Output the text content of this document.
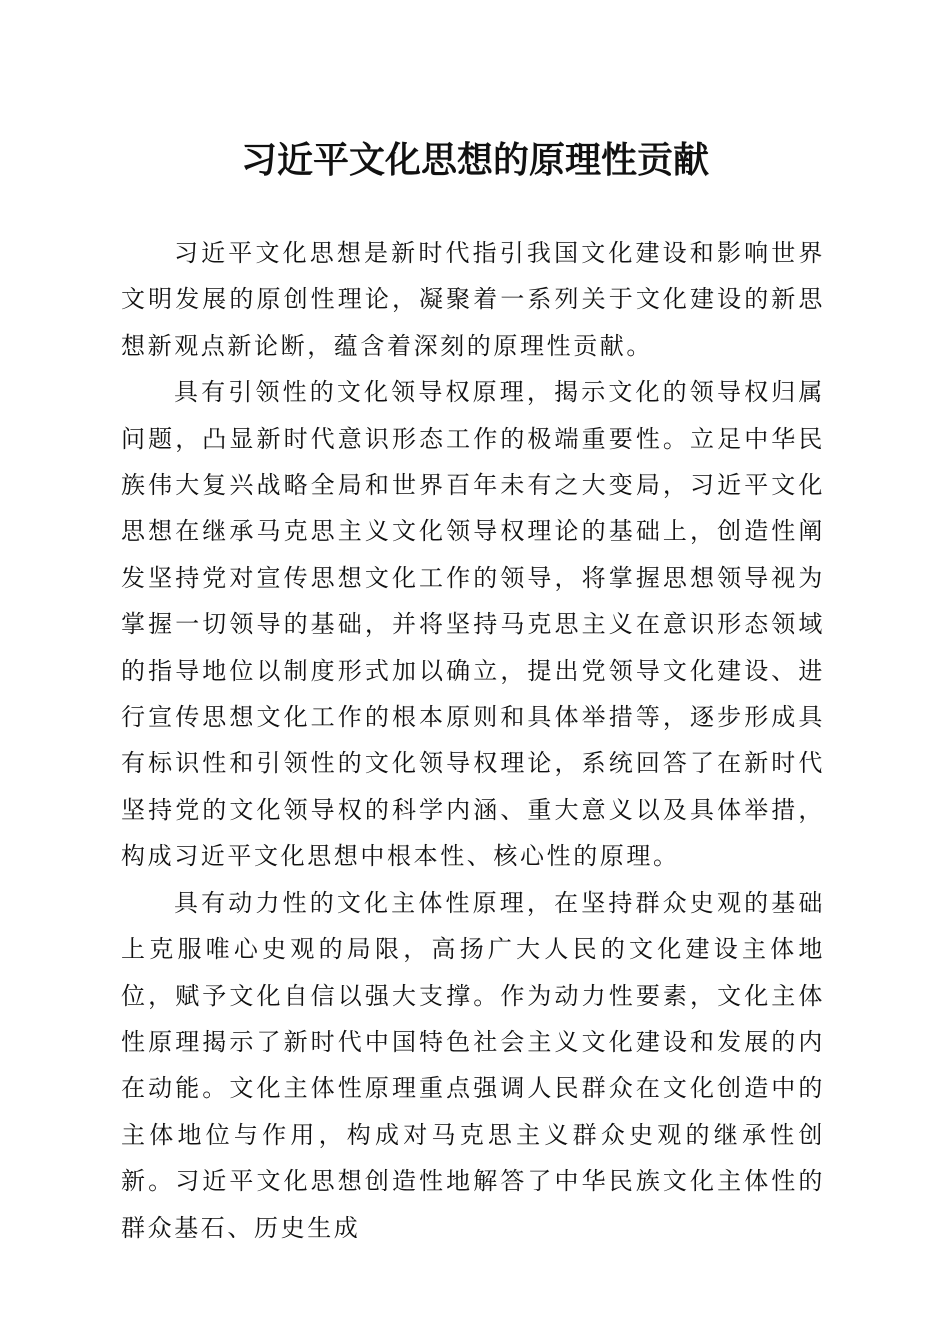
习近平文化思想的原理性贡献

习近平文化思想是新时代指引我国文化建设和影响世界文明发展的原创性理论，凝聚着一系列关于文化建设的新思想新观点新论断，蕴含着深刻的原理性贡献。

具有引领性的文化领导权原理，揭示文化的领导权归属问题，凸显新时代意识形态工作的极端重要性。立足中华民族伟大复兴战略全局和世界百年未有之大变局，习近平文化思想在继承马克思主义文化领导权理论的基础上，创造性阐发坚持党对宣传思想文化工作的领导，将掌握思想领导视为掌握一切领导的基础，并将坚持马克思主义在意识形态领域的指导地位以制度形式加以确立，提出党领导文化建设、进行宣传思想文化工作的根本原则和具体举措等，逐步形成具有标识性和引领性的文化领导权理论，系统回答了在新时代坚持党的文化领导权的科学内涵、重大意义以及具体举措，构成习近平文化思想中根本性、核心性的原理。

具有动力性的文化主体性原理，在坚持群众史观的基础上克服唯心史观的局限，高扬广大人民的文化建设主体地位，赋予文化自信以强大支撑。作为动力性要素，文化主体性原理揭示了新时代中国特色社会主义文化建设和发展的内在动能。文化主体性原理重点强调人民群众在文化创造中的主体地位与作用，构成对马克思主义群众史观的继承性创新。习近平文化思想创造性地解答了中华民族文化主体性的群众基石、历史生成
